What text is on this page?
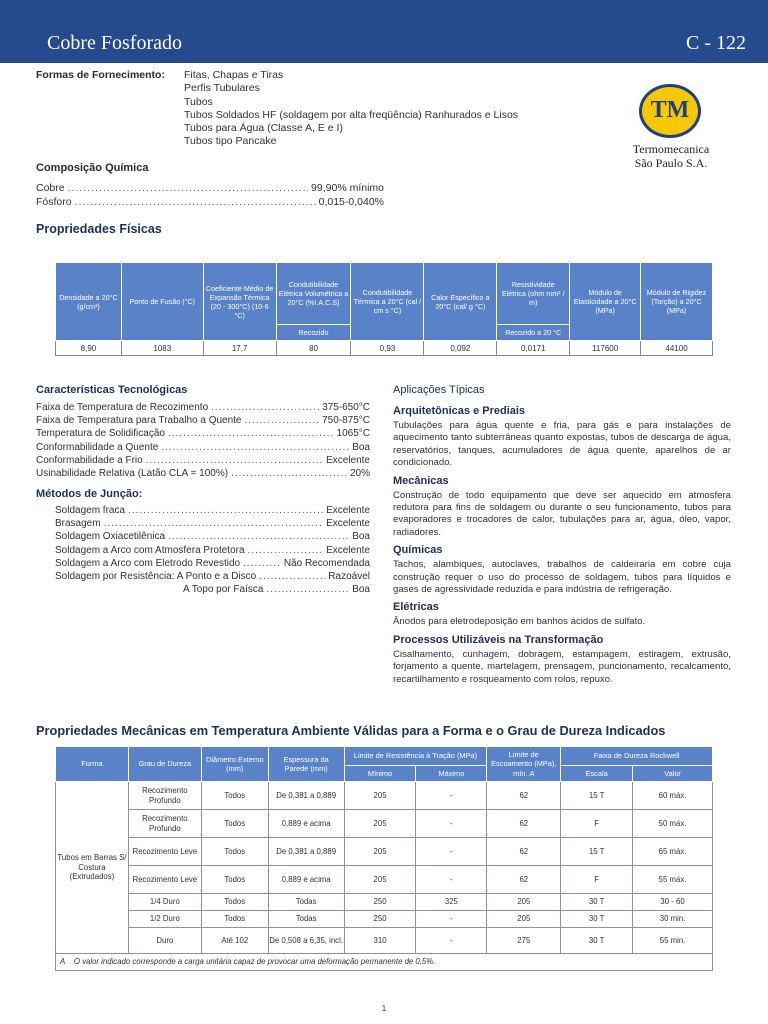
Cobre Fosforado	C - 122
Formas de Fornecimento: Fitas, Chapas e Tiras
Perfis Tubulares
Tubos
Tubos Soldados HF (soldagem por alta freqüência) Ranhurados e Lisos
Tubos para Água (Classe A, E e I)
Tubos tipo Pancake
TM
Termomecanica
São Paulo S.A.
Composição Química
Cobre .....	99,90% mínimo
Fósforo .....	0,015-0,040%
Propriedades Físicas
Densidade a 20°C (g/cm³)	Ponto de Fusão (°C)	Coeficiente Médio de Expansão Térmica (20 - 300°C) (10-6 °C)	Condutibilidade Elétrica Volumétrica a 20°C (%I.A.C.S)	Condutibilidade Térmica a 20°C (cal / cm s °C)	Calor Específico a 20°C (cal/ g °C)	Resistividade Elétrica (ohm mm² / m)	Módulo de Elasticidade a 20°C (MPa)	Módulo de Rigidez (Torção) a 20°C (MPa)
			Recozido			Recozido a 20 °C		
8,90	1083	17,7	80	0,93	0,092	0,0171	117600	44100
Características Tecnológicas
Faixa de Temperatura de Recozimento .....	375-650°C
Faixa de Temperatura para Trabalho a Quente .....	750-875°C
Temperatura de Solidificação .....	1065°C
Conformabilidade a Quente .....	Boa
Conformabilidade a Frio .....	Excelente
Usinabilidade Relativa (Latão CLA = 100%) .....	20%
Métodos de Junção:
Soldagem fraca .....	Excelente
Brasagem .....	Excelente
Soldagem Oxiacetilênica .....	Boa
Soldagem a Arco com Atmosfera Protetora .....	Excelente
Soldagem a Arco com Eletrodo Revestido .....	Não Recomendada
Soldagem por Resistência: A Ponto e a Disco .....	Razoável
A Topo por Faísca .....	Boa
Aplicações Típicas
Arquitetônicas e Prediais
Tubulações para água quente e fria, para gás e para instalações de aquecimento tanto subterrâneas quanto expostas, tubos de descarga de água, reservatórios, tanques, acumuladores de água quente, aparelhos de ar condicionado.
Mecânicas
Construção de todo equipamento que deve ser aquecido em atmosfera redutora para fins de soldagem ou durante o seu funcionamento, tubos para evaporadores e trocadores de calor, tubulações para ar, água, óleo, vapor, radiadores.
Químicas
Tachos, alambiques, autoclaves, trabalhos de caldeiraria em cobre cuja construção requer o uso do processo de soldagem, tubos para líquidos e gases de agressividade reduzida e para indústria de refrigeração.
Elétricas
Ânodos para eletrodeposição em banhos ácidos de sulfato.
Processos Utilizáveis na Transformação
Cisalhamento, cunhagem, dobragem, estampagem, estiragem, extrusão, forjamento a quente, martelagem, prensagem, puncionamento, recalcamento, recartilhamento e rosqueamento com rolos, repuxo.
Propriedades Mecânicas em Temperatura Ambiente Válidas para a Forma e o Grau de Dureza Indicados
Forma	Grau de Dureza	Diâmetro Externo (mm)	Espessura da Parede (mm)	Limite de Resistência à Tração (MPa)		Limite de Escoamento (MPa), mín. A	Faixa de Dureza Rockwell	
				Mínimo	Máximo		Escala	Valor
Tubos em Barras S/ Costura (Extrudados)	Recozimento Profundo	Todos	De 0,381 a 0,889	205	-	62	15 T	60 máx.
	Recozimento Profundo	Todos	0,889 e acima	205	-	62	F	50 máx.
	Recozimento Leve	Todos	De 0,381 a 0,889	205	-	62	15 T	65 máx.
	Recozimento Leve	Todos	0,889 e acima	205	-	62	F	55 máx.
	1/4 Duro	Todos	Todas	250	325	205	30 T	30 - 60
	1/2 Duro	Todos	Todas	250	-	205	30 T	30 min.
	Duro	Até 102	De 0,508 a 6,35, incl.	310	-	275	30 T	55 min.
A O valor indicado corresponde a carga unitária capaz de provocar uma deformação permanente de 0,5%.								
1
